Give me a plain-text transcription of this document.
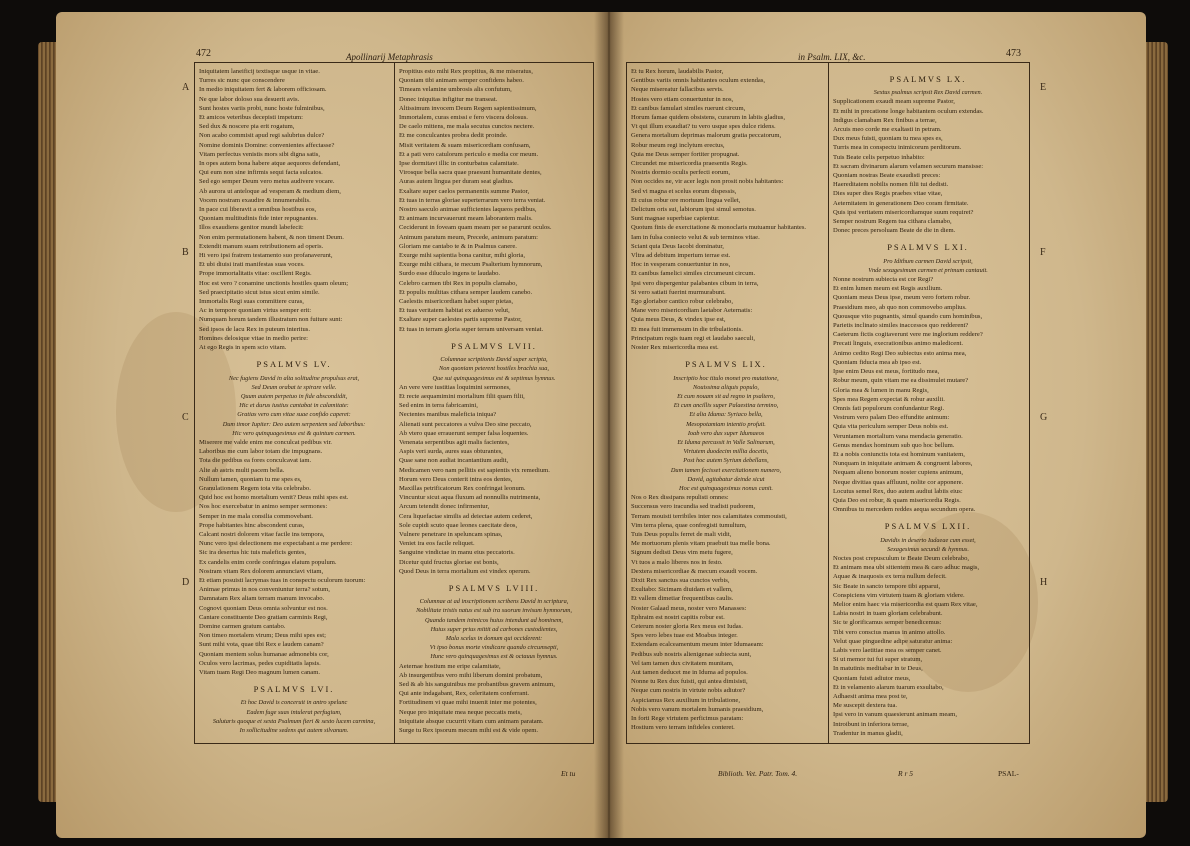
472	Apollinarij Metaphrasis
A
B
C
D
Iniquitatem laneificij textisque usque in vitae.
Turres sic nunc que conscendere
In medio iniquitatem fert & laborem officiosam.
Ne que labor doloso sua desuerit avis.
Sunt hostes variis probi, nunc hoste fulminibus,
Et amicos veteribus decepisti impetum:
Sed dux & noscere pia erit rogatum,
Non acabo commisit apud regi salubrius dulce?
Nomine dominis Domine: convenientes affectasse?
Vitam perfectus venistis mors sibi digna satis,
In opes autem bona habere atque aequores defendant,
Qui eum non sine infirmis sequi facta sulcatos.
Sed ego semper Deum vero metus audivere vocare.
Ab aurora ut anteloque ad vesperam & medium diem,
Vocem nostram exaudire & innumerabilis.
In pace cui liberavit a omnibus hostibus eos,
Quoniam multitudinis fide inter repugnantes.
Illos exaudiens genitor mundi labefecit:
Non enim permutationem habent, & non timent Deum.
Extendit manum suam retributionem ad operis.
Hi vero ipsi fratrem testamento suo profanaverunt,
Et ubi diuisi irati manifestas suas voces.
Prope immortalitatis vitae: oscillent Regis.
Hoc est vero ? conamine unctionis hostiles quam oleum;
Sed praecipitatio sicut istus sicut enim simile.
Immortalis Regi suas committere curas,
Ac in tempore quoniam virtus semper erit:
Numquam horum tandem illustratum non fuiture sunt:
Sed ipsos de lacu Rex in puteum interitus.
Homines delosique vitae in medio perire:
At ego Regis in spem scio vitam.
PSALMVS LV.
Nec fugiens David in alta solitudine propulsus erat,
Sed Deum orabat te spirare velle.
Quum autem perpetuo in fide abscondidit,
Hic et durus iustius cantabat in calamitate:
Gratias vero cum vitae suae confido caperet:
Dum timor Iupiter: Deo autem serpentem sed laboribus:
Hic vero quinquagesimus est & quintum carmen.
Miserere me valde enim me conculcat pedibus vir.
Laboribus me cum labor totam die impugnans.
Tota die pedibus ea fores conculcavat iam.
Alte ab astris multi pacem bella.
Nullum tamen, quoniam tu me spes es,
Granulationem Regem tota vita celebrabo.
Quid hoc est homo mortalium venit? Deus mihi spes est.
Nos hoc exercebatur in animo semper sermones:
Semper in me mala consilia commovebant.
Prope habitantes hinc abscondent curas,
Calcant nostri dolorem vitae facile ins tempora,
Nunc vero ipsi delectionem me expectabant a me perdere:
Sic ira desertus hic tuis maleficis gentes,
Ex candelis enim corde confringas elatum populum.
Nostram vitam Rex dolorem annunciavi vitam,
Et etiam posuisti lacrymas tuas in conspectu oculorum tuorum:
Animae primus in nos conveniuntur terra? sotum,
Damnatam Rex aliam terram manum invocabo.
Cognovi quoniam Deus omnia solvuntur est nos.
Cantare constituente Deo gratiam carminis Regi,
Domine carmen gratum cantabo.
Non timeo mortalem virum; Deus mihi spes est;
Sunt mihi vota, quae tibi Rex e laudem canam?
Quoniam mentem solus humanae admonebis cor,
Oculos vero lacrimas, pedes cupiditatis lapsis.
Vitam tuam Regi Deo magnum lumen canam.
PSALMVS LVI.
Et hoc David is conceruit in antro spelunc
Eadem fuge suas intulerat perfugium,
Salutaris quoque et sexta Psalmum fieri & sexto lucem carmina,
In sollicitudine sedens qui autem silvanum.
Propitius esto mihi Rex propitius, & me miseratus,
Quoniam tibi animam semper confidens habeo.
Timeam velamine umbrosis alis confutum,
Donec iniquitas infigitur me transeat.
Altissimum invocem Deum Regem sapientissimum,
Immortalem, curas emissi e fero viscera dolosus.
De caelo mittens, me mala secutus cunctos nectere.
Et me conculcantes probra dedit proinde.
Misit veritatem & suam misericordiam confusam,
Et a pati vero catulorum periculo e media cor meum.
Ipse dormitavi illic in conturbatus calamitate.
Virosque bella sacra quae praesunt humanitate dentes,
Auras autem lingua per duram seat gladius.
Exaltare super caelos permanentis summe Pastor,
Et tuas in terras gloriae superterrarum vero terra veniat.
Nostro saeculo animae sufficientes laqueos pedibus,
Et animam incurvauerunt meam laborantem malis.
Ceciderunt in foveam quam meam per se pararunt oculos.
Animum paratum meum, Precede, animum paratum:
Gloriam me cantabo te & in Psalmus canere.
Exurge mihi sapientia bona canitur, mihi gloria,
Exurge mihi cithara, te mecum Psalterium hymnorum,
Surdo esse diluculo ingens te laudabo.
Celebro carmen tibi Rex in populis clamabo,
Et populis multitas cithara semper laudem canebo.
Caelestis misericordiam habet super pietas,
Et tuas veritatem habitat ex aduerso velut,
Exaltare super caelestes partis supreme Pastor,
Et tuas in terram gloria super terram universam veniat.
PSALMVS LVII.
Columnae scriptionis David super scripta,
Non quoniam peterent hostiles brachia sua,
Que sui quinquagesimus est & septimus hymnus.
An vere vere iustitias loquimini sermones,
Et recte aequamimini mortalium filii quam filii,
Sed enim in terra fabricamini,
Nectentes manibus maleficia iniqua?
Alienati sunt peccatores a vulva Deo sine peccato,
Ab vtero quae errauerunt semper falsa loquentes.
Venenata serpentibus agit malis facientes,
Aspis veri surda, aures suas obturantes,
Quae sane non audiat incantantium audit,
Medicamen vero nam pellitis est sapientis vix remedium.
Horum vero Deus conterit intra eos dentes,
Maxillas petrificatorum Rex confringat leonum.
Vincuntur sicut aqua fluxum ad nonnullis nutrimenta,
Arcum tetendit donec infirmentur,
Cera liquefactae similis ad deiectae autem cederet,
Sole cupidi scuto quae leones caecitate deos,
Vulnere penetrare in speluncam spinas,
Veniet ira eos facile reliquet.
Sanguine vindictae in manu eius peccatoris.
Dicetur quid fructus gloriae est bonis,
Quod Deus in terra mortalium est vindex operum.
PSALMVS LVIII.
Columnae at ad inscriptionem scribens David in scriptura,
Nobilitate tristis natus est sub ira suorum invisum hymnorum,
Quando tandem inimicos huius intendunt ad hominem,
Huius super prius mittit ad carbones custodientes,
Mala scelus in domum qui occiderent:
Vt ipso bonus morte vindicare quando circumsepti,
Hunc vero quinquagesimus est & octauus hymnus.
Aeternae hostium me eripe calamitate,
Ab insurgentibus vero mihi liberum domini probatum,
Sed & ab his sanguinibus me probantibus gravem animum,
Qui ante indagabant, Rex, celeritatem conferrant.
Fortitudinem vi quae mihi inuenit inter me potentes,
Neque pro iniquitate mea neque peccatis meis,
Iniquitate absque cucurrit vitam cum animam paratam.
Surge tu Rex ipsorum mecum mihi est & vide opem.
Et tu
in Psalm. LIX, &c.	473
E
F
G
H
Et tu Rex horum, laudabilis Pastor,
Gentibus variis omnis habitantes oculum extendas,
Neque misereatur fallacibus servis.
Hostes vero etiam conuertuntur in nos,
Et canibus famulari similes ruerunt circum,
Horum famae quidem obsistens, curarum in labiis gladius,
Vt qui illum exaudiat? tu vero usque spes dulce ridens.
Genera mortalium deprimas malorum gratia peccatorum,
Robur meum regi inclytum erectus,
Quia me Deus semper fortiter propugnat.
Circundet me misericordia praesentis Regis.
Nostris dormio oculis perfecti eorum,
Non occides ne, vir acer legis non prosit nobis habitantes:
Sed vi magna et scelus eorum dispessis,
Et cuius robur ore mortuum lingua vellet,
Delictum oris sui, labiorum ipsi simul semotus.
Sunt magnae superbiae capientur.
Quotum finis de exercitatione & monoclaris mutuamur habitantes.
Iam in fulsa coniecto velut & sub terminos vitae.
Sciant quia Deus Iacobi dominatur,
Vltra ad debitum imperium terrae est.
Hoc in vesperam conuertuntur in nos,
Et canibus famelici similes circumeunt circum.
Ipsi vero dispergentur palabantes cibum in terra,
Si vero satiati fuerint murmurabunt.
Ego gloriabor cantico robur celebrabo,
Mane vero misericordiam laetabor Aeternatis:
Quia meus Deus, & vindex ipse est,
Et mea fuit immensum in die tribulationis.
Principatum regis tuam regi et laudabo saeculi,
Noster Rex misericordia mea est.
PSALMVS LIX.
Inscriptio hoc titulo monet pro mutatione,
Nouissima aliquis populo,
Et cum nouam sit ad regno in psaltero,
Et cum ancillis super Palaestina termino,
Et alia Iduma: Syriaco bella,
Mesopotamiam intentio profuit.
Ioab vero dux super Idumaeos
Et Iduma percussit in Valle Salinarum,
Virtutem duodecim millia docetis,
Post hoc autem Syrium debellans,
Dum tamen fecisset exercitationem numero,
David, agitabatur deinde sicut
Hoc est quinquagesimus nonus canit.
Nos o Rex dissipans repulisti omnes:
Succensus vero iracundia sed tradisti pudorem,
Terram mouisti terribiles inter nos calamitates commouisti,
Vim terra plena, quae confregisti tumultum,
Tuis Deus populis ferret de mali vidit,
Me mortuorum plenis vitam praebuit tua melle bona.
Signum dedisti Deus vim metu fugere,
Vt tuos a malo liberes nos in festo.
Dextera misericordiae & mecum exaudi vocem.
Dixit Rex sanctus sua cunctos verbis,
Exultabo: Sicimam diuidam et vallem,
Et vallem dimetiar frequentibus caulis.
Noster Galaad meus, noster vero Manasses:
Ephraim est nostri capitis robur est.
Ceterum noster gloria Rex meus est Iudas.
Spes vero lebes tuae est Moabus integer.
Extendam ecalceamentum meum inter Idumaeam:
Pedibus sub nostris alienigenae subiecta sunt,
Vel tam tamen dux civitatem munitam,
Aut tamen deducet me in Iduma ad populos.
Nonne tu Rex dux fuisti, qui antea dimisisti,
Neque cum nostris in virtute nobis adiutor?
Aspiciamus Rex auxilium in tribulatione,
Nobis vero vanum mortalem humanis praesidium,
In forti Rege virtutem perficimus paratam:
Hostium vero terram infideles conteret.
PSALMVS LX.
Sextus psalmus scripsit Rex David carmen.
Supplicationem exaudi meam supreme Pastor,
Et mihi in precatione longe habitantem oculum extendas.
Indigus clamabam Rex finibus a terrae,
Arcuis meo corde me exaltasti in petram.
Dux meus fuisti, quoniam tu mea spes es,
Turris mea in conspectu inimicorum perditorum.
Tuis Beate celis perpetuo inhabito:
Et sacram divinarum alarum velamen securum mansisse:
Quoniam nostras Beate exaudisti preces:
Haereditatem nobilis nomen filii tui dedisti.
Dies super dies Regis praebes vitae vitae,
Aeternitatem in generationem Deo coram firmitate.
Quis ipsi veritatem misericordiamque suum requiret?
Semper nostrum Regem tua cithara clamabo,
Donec preces persoluam Beate de die in diem.
PSALMVS LXI.
Pro Idithum carmen David scripsit,
Vnde sexagesimum carmen et primum cantauit.
Nonne nostrum subiecta est cor Regi?
Et enim lumen meum est Regis auxilium.
Quoniam meus Deus ipse, meum vero fortem robur.
Praesidium meo, ab quo non commovebo amplius.
Quousque vito pugnantis, simul quando cum hominibus,
Parietis inclinato similes inaccessos quo redderent?
Caeterum fictis cogitaverunt vere me inglorium reddere?
Precati linguis, execrationibus animo maledicent.
Animo cedito Regi Deo subiectus esto anima mea,
Quoniam fiducia mea ab ipso est.
Ipse enim Deus est meus, fortitudo mea,
Robur meum, quin vitam me ea dissimulet mutare?
Gloria mea & lumen in manu Regis,
Spes mea Regem expectat & robur auxilii.
Omnis fati populorum confundantur Regi.
Vestrum vero palam Deo effundite animum:
Quia vita periculum semper Deus nobis est.
Veruntamen mortalium vana mendacia generatio.
Genus mendax hominum sub quo hoc bellum.
Et a nobis coniunctis tota est hominum vanitatem,
Nunquam in iniquitate animam & congruent labores,
Nequam alieno bonorum noster cupiens animum,
Neque divitias quas affluunt, nolite cor apponere.
Locutus semel Rex, duo autem audiui labiis eius:
Quia Deo est robur, & quam misericordia Regis.
Omnibus tu mercedem reddes aequa secundum opera.
PSALMVS LXII.
Davidis in deserto Iudaeae cum esset,
Sexagesimus secundi & hymnus.
Noctes post crepusculum te Beate Deum celebrabo,
Et animam mea ubi sitientem mea & caro adhuc magis,
Aquae & inaquosis ex terra nullum defecit.
Sic Beate in sancto tempore tibi apparui,
Conspiciens vim virtutem tuam & gloriam videre.
Melior enim haec via misericordia est quam Rex vitae,
Labia nostri in tuam gloriam celebrabunt.
Sic te glorificamus semper benedicemus:
Tibi vero conscius manus in animo attollo.
Velut quae pinguedine adipe saturatur anima:
Labis vero laetitiae mea os semper canet.
Si ut memor tui fui super stratum,
In matutinis meditabar in te Deus,
Quoniam fuisti adiutor meus,
Et in velamento alarum tuarum exsultabo,
Adhaesit anima mea post te,
Me suscepit dextera tua.
Ipsi vero in vanum quaesierunt animam meam,
Introibunt in inferiora terrae,
Tradentur in manus gladii,
Biblioth. Vet. Patr. Tom. 4.	R r 5	PSAL-
